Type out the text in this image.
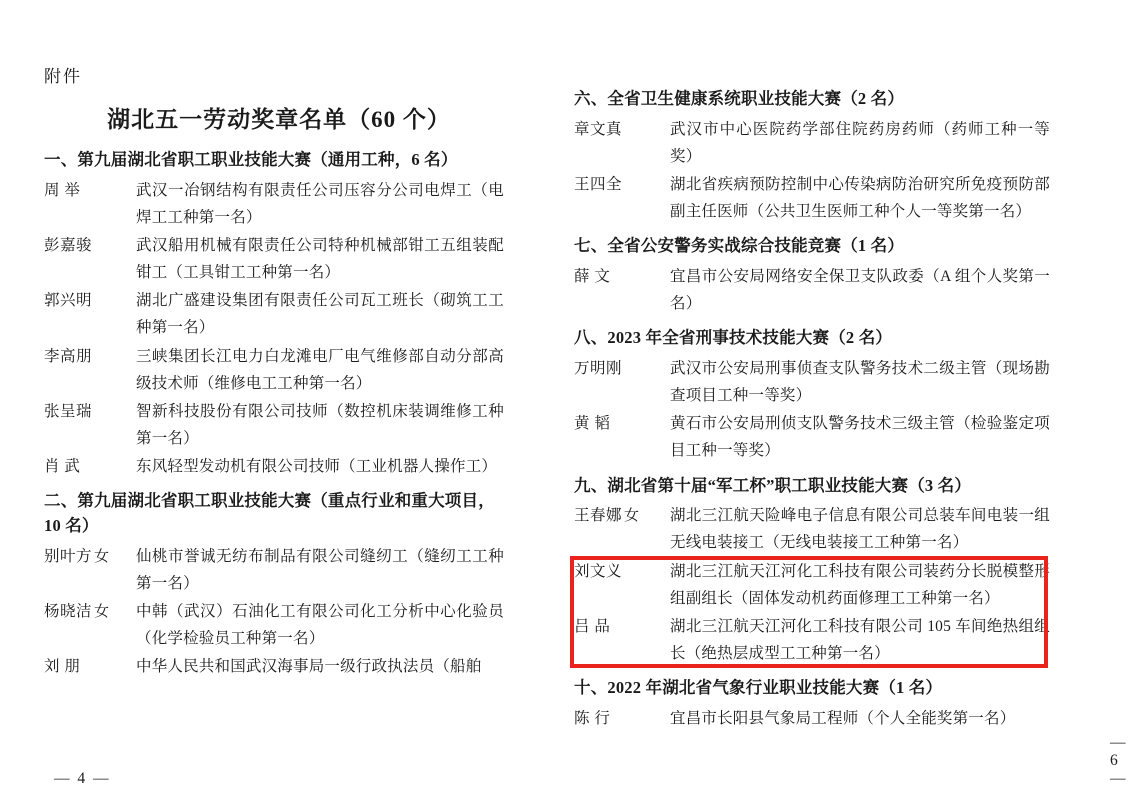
附件
湖北五一劳动奖章名单（60 个）
一、第九届湖北省职工职业技能大赛（通用工种，6 名）
周 举	武汉一冶钢结构有限责任公司压容分公司电焊工（电焊工工种第一名）
彭嘉骏	武汉船用机械有限责任公司特种机械部钳工五组装配钳工（工具钳工工种第一名）
郭兴明	湖北广盛建设集团有限责任公司瓦工班长（砌筑工工种第一名）
李高朋	三峡集团长江电力白龙滩电厂电气维修部自动分部高级技术师（维修电工工种第一名）
张呈瑞	智新科技股份有限公司技师（数控机床装调维修工种第一名）
肖 武	东风轻型发动机有限公司技师（工业机器人操作工）
二、第九届湖北省职工职业技能大赛（重点行业和重大项目，10 名）
别叶方 女	仙桃市誉诚无纺布制品有限公司缝纫工（缝纫工工种第一名）
杨晓洁 女	中韩（武汉）石油化工有限公司化工分析中心化验员（化学检验员工种第一名）
刘 朋	中华人民共和国武汉海事局一级行政执法员（船舶
— 4 —
六、全省卫生健康系统职业技能大赛（2 名）
章文真	武汉市中心医院药学部住院药房药师（药师工种一等奖）
王四全	湖北省疾病预防控制中心传染病防治研究所免疫预防部副主任医师（公共卫生医师工种个人一等奖第一名）
七、全省公安警务实战综合技能竞赛（1 名）
薛 文	宜昌市公安局网络安全保卫支队政委（A 组个人奖第一名）
八、2023 年全省刑事技术技能大赛（2 名）
万明刚	武汉市公安局刑事侦查支队警务技术二级主管（现场勘查项目工种一等奖）
黄 韬	黄石市公安局刑侦支队警务技术三级主管（检验鉴定项目工种一等奖）
九、湖北省第十届“军工杯”职工职业技能大赛（3 名）
王春娜 女	湖北三江航天险峰电子信息有限公司总装车间电装一组无线电装接工（无线电装接工工种第一名）
刘文义	湖北三江航天江河化工科技有限公司装药分长脱模整形组副组长（固体发动机药面修理工工种第一名）
吕 品	湖北三江航天江河化工科技有限公司 105 车间绝热组组长（绝热层成型工工种第一名）
十、2022 年湖北省气象行业职业技能大赛（1 名）
陈 行	宜昌市长阳县气象局工程师（个人全能奖第一名）
— 6 —
